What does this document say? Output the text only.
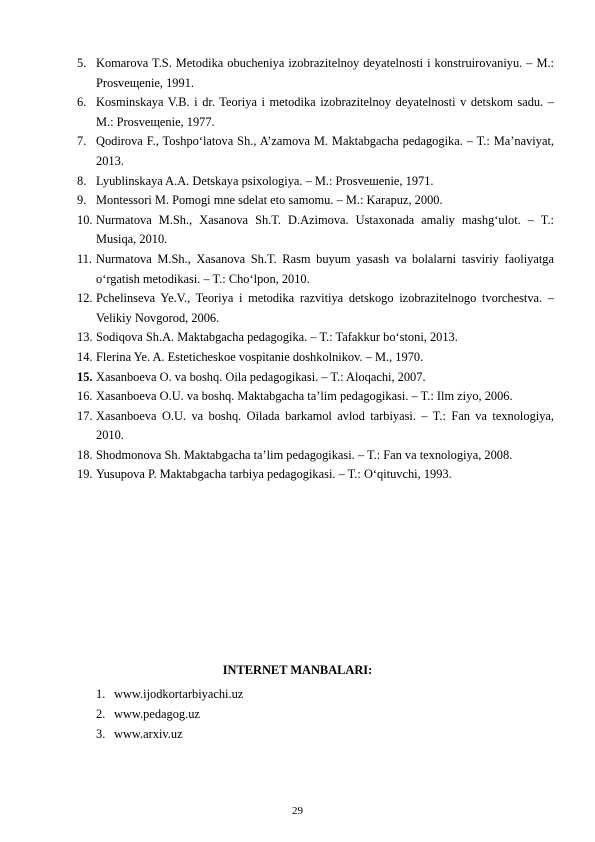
5. Komarova T.S. Metodika obucheniya izobrazitelnoy deyatelnosti i konstruirovaniyu. – M.: Prosveщenie, 1991.
6. Kosminskaya V.B. i dr. Teoriya i metodika izobrazitelnoy deyatelnosti v detskom sadu. – M.: Prosveщenie, 1977.
7. Qodirova F., Toshpo‘latova Sh., A’zamova M. Maktabgacha pedagogika. – T.: Ma’naviyat, 2013.
8. Lyublinskaya A.A. Detskaya psixologiya. – M.: Prosveшenie, 1971.
9. Montessori M. Pomogi mne sdelat eto samomu. – M.: Karapuz, 2000.
10. Nurmatova M.Sh., Xasanova Sh.T. D.Azimova. Ustaxonada amaliy mashg‘ulot. – T.: Musiqa, 2010.
11. Nurmatova M.Sh., Xasanova Sh.T. Rasm buyum yasash va bolalarni tasviriy faoliyatga o‘rgatish metodikasi. – T.: Cho‘lpon, 2010.
12. Pchelinseva Ye.V., Teoriya i metodika razvitiya detskogo izobrazitelnogo tvorchestva. – Velikiy Novgorod, 2006.
13. Sodiqova Sh.A. Maktabgacha pedagogika. – T.: Tafakkur bo‘stoni, 2013.
14. Flerina Ye. A. Esteticheskoe vospitanie doshkolnikov. – M., 1970.
15. Xasanboeva O. va boshq. Oila pedagogikasi. – T.: Aloqachi, 2007.
16. Xasanboeva O.U. va boshq. Maktabgacha ta’lim pedagogikasi. – T.: Ilm ziyo, 2006.
17. Xasanboeva O.U. va boshq. Oilada barkamol avlod tarbiyasi. – T.: Fan va texnologiya, 2010.
18. Shodmonova Sh. Maktabgacha ta’lim pedagogikasi. – T.: Fan va texnologiya, 2008.
19. Yusupova P. Maktabgacha tarbiya pedagogikasi. – T.: O‘qituvchi, 1993.

INTERNET MANBALARI:

1. www.ijodkortarbiyachi.uz
2. www.pedagog.uz
3. www.arxiv.uz

29
